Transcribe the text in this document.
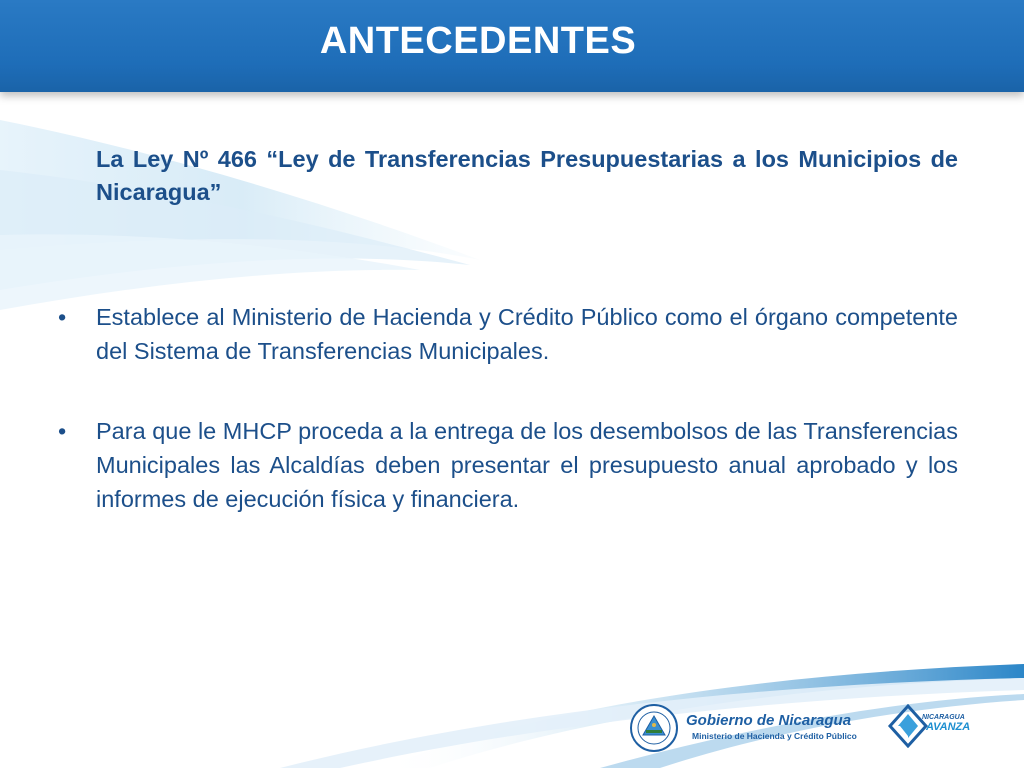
ANTECEDENTES

La Ley Nº 466 “Ley de Transferencias Presupuestarias a los Municipios de Nicaragua”

• Establece al Ministerio de Hacienda y Crédito Público como el órgano competente del Sistema de Transferencias Municipales.
• Para que le MHCP proceda a la entrega de los desembolsos de las Transferencias Municipales las Alcaldías deben presentar el presupuesto anual aprobado y los informes de ejecución física y financiera.
Gobierno de Nicaragua
Ministerio de Hacienda y Crédito Público
NICARAGUA
AVANZA
